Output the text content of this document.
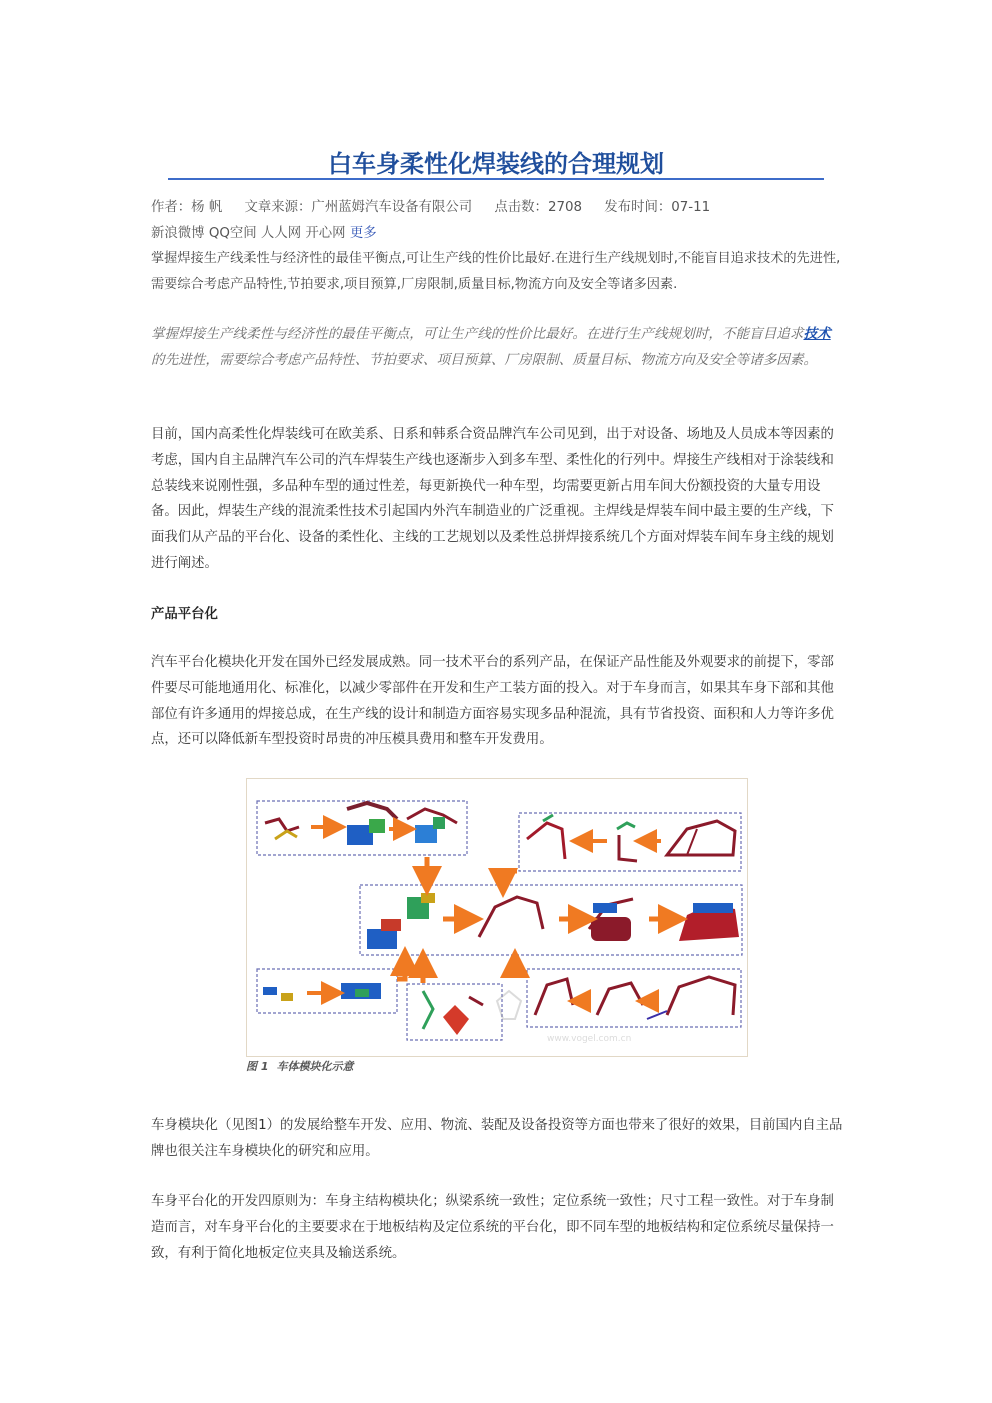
白车身柔性化焊装线的合理规划
作者：杨 帆 文章来源：广州蓝姆汽车设备有限公司 点击数：2708 发布时间：07-11
新浪微博 QQ空间 人人网 开心网 更多
掌握焊接生产线柔性与经济性的最佳平衡点,可让生产线的性价比最好.在进行生产线规划时,不能盲目追求技术的先进性,需要综合考虑产品特性,节拍要求,项目预算,厂房限制,质量目标,物流方向及安全等诸多因素.
掌握焊接生产线柔性与经济性的最佳平衡点，可让生产线的性价比最好。在进行生产线规划时，不能盲目追求技术的先进性，需要综合考虑产品特性、节拍要求、项目预算、厂房限制、质量目标、物流方向及安全等诸多因素。
目前，国内高柔性化焊装线可在欧美系、日系和韩系合资品牌汽车公司见到，出于对设备、场地及人员成本等因素的考虑，国内自主品牌汽车公司的汽车焊装生产线也逐渐步入到多车型、柔性化的行列中。焊接生产线相对于涂装线和总装线来说刚性强，多品种车型的通过性差，每更新换代一种车型，均需要更新占用车间大份额投资的大量专用设备。因此，焊装生产线的混流柔性技术引起国内外汽车制造业的广泛重视。主焊线是焊装车间中最主要的生产线，下面我们从产品的平台化、设备的柔性化、主线的工艺规划以及柔性总拼焊接系统几个方面对焊装车间车身主线的规划进行阐述。
产品平台化
汽车平台化模块化开发在国外已经发展成熟。同一技术平台的系列产品，在保证产品性能及外观要求的前提下，零部件要尽可能地通用化、标准化，以减少零部件在开发和生产工装方面的投入。对于车身而言，如果其车身下部和其他部位有许多通用的焊接总成，在生产线的设计和制造方面容易实现多品种混流，具有节省投资、面积和人力等许多优点，还可以降低新车型投资时昂贵的冲压模具费用和整车开发费用。
www.vogel.com.cn
图 1 车体模块化示意
车身模块化（见图1）的发展给整车开发、应用、物流、装配及设备投资等方面也带来了很好的效果，目前国内自主品牌也很关注车身模块化的研究和应用。
车身平台化的开发四原则为：车身主结构模块化；纵梁系统一致性；定位系统一致性；尺寸工程一致性。对于车身制造而言，对车身平台化的主要要求在于地板结构及定位系统的平台化，即不同车型的地板结构和定位系统尽量保持一致，有利于简化地板定位夹具及输送系统。
